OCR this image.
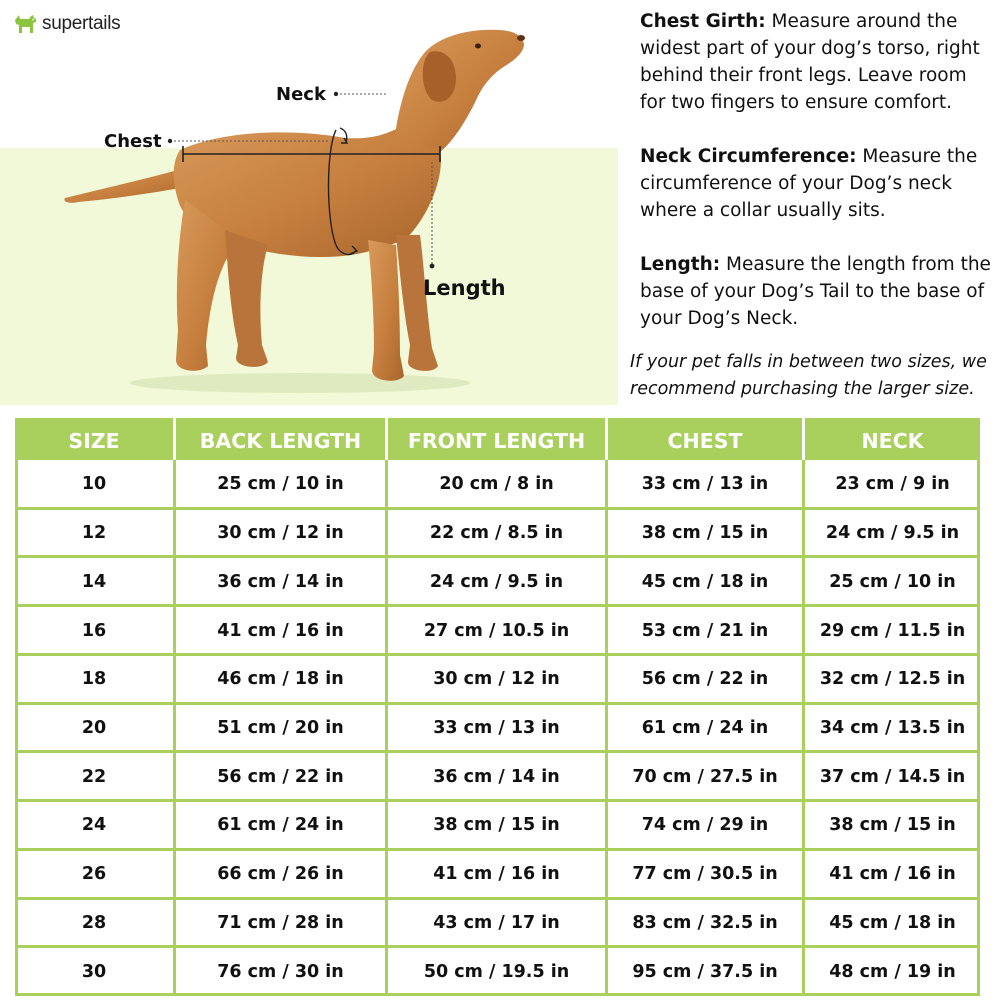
supertails
Neck
Chest
Length

Chest Girth: Measure around the widest part of your dog’s torso, right behind their front legs. Leave room for two fingers to ensure comfort.

Neck Circumference: Measure the circumference of your Dog’s neck where a collar usually sits.

Length: Measure the length from the base of your Dog’s Tail to the base of your Dog’s Neck.

If your pet falls in between two sizes, we recommend purchasing the larger size.

SIZE	BACK LENGTH	FRONT LENGTH	CHEST	NECK
10	25 cm / 10 in	20 cm / 8 in	33 cm / 13 in	23 cm / 9 in
12	30 cm / 12 in	22 cm / 8.5 in	38 cm / 15 in	24 cm / 9.5 in
14	36 cm / 14 in	24 cm / 9.5 in	45 cm / 18 in	25 cm / 10 in
16	41 cm / 16 in	27 cm / 10.5 in	53 cm / 21 in	29 cm / 11.5 in
18	46 cm / 18 in	30 cm / 12 in	56 cm / 22 in	32 cm / 12.5 in
20	51 cm / 20 in	33 cm / 13 in	61 cm / 24 in	34 cm / 13.5 in
22	56 cm / 22 in	36 cm / 14 in	70 cm / 27.5 in	37 cm / 14.5 in
24	61 cm / 24 in	38 cm / 15 in	74 cm / 29 in	38 cm / 15 in
26	66 cm / 26 in	41 cm / 16 in	77 cm / 30.5 in	41 cm / 16 in
28	71 cm / 28 in	43 cm / 17 in	83 cm / 32.5 in	45 cm / 18 in
30	76 cm / 30 in	50 cm / 19.5 in	95 cm / 37.5 in	48 cm / 19 in
